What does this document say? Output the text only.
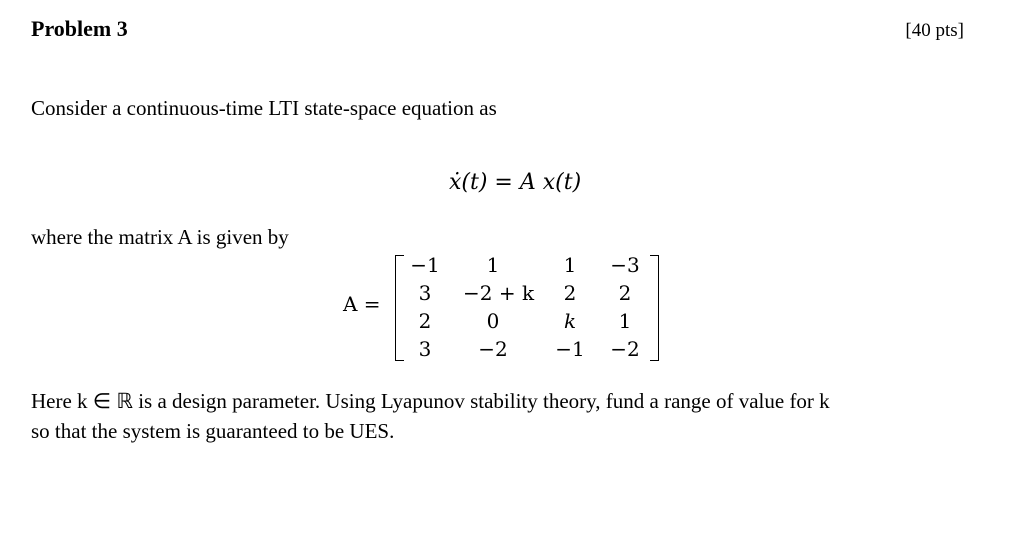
Problem 3	[40 pts]
Consider a continuous-time LTI state-space equation as
ẋ(t) = A x(t)
where the matrix A is given by
A =
−1	1	1	−3
3	−2 + k	2	2
2	0	k	1
3	−2	−1	−2
Here k ∈ ℝ is a design parameter. Using Lyapunov stability theory, fund a range of value for k
so that the system is guaranteed to be UES.
